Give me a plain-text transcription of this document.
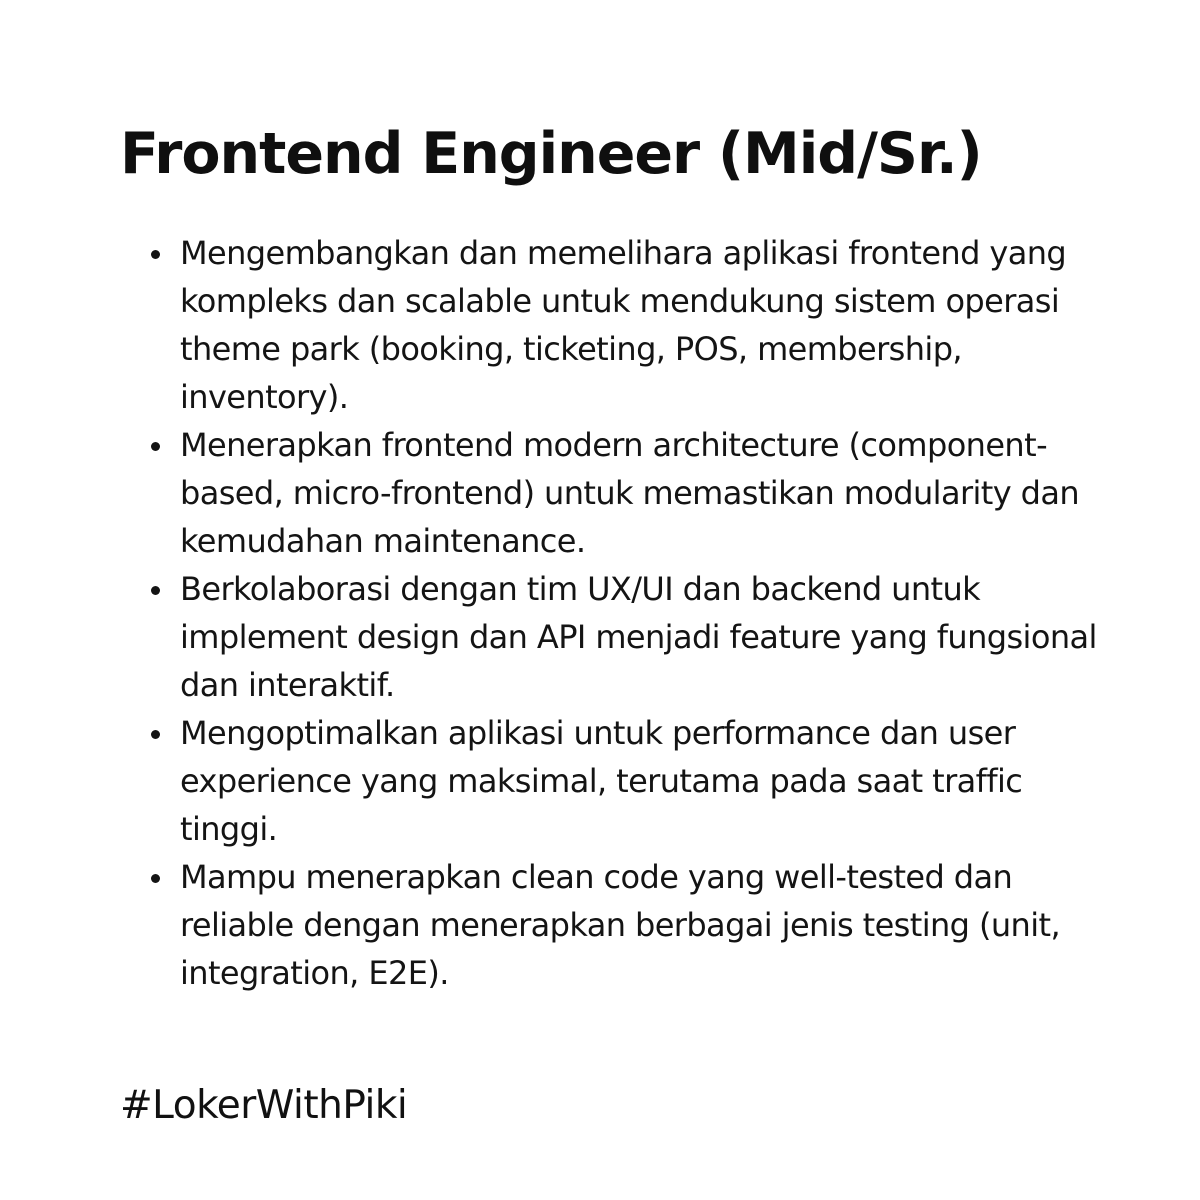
Frontend Engineer (Mid/Sr.)
Mengembangkan dan memelihara aplikasi frontend yang kompleks dan scalable untuk mendukung sistem operasi theme park (booking, ticketing, POS, membership, inventory).
Menerapkan frontend modern architecture (component-based, micro-frontend) untuk memastikan modularity dan kemudahan maintenance.
Berkolaborasi dengan tim UX/UI dan backend untuk implement design dan API menjadi feature yang fungsional dan interaktif.
Mengoptimalkan aplikasi untuk performance dan user experience yang maksimal, terutama pada saat traffic tinggi.
Mampu menerapkan clean code yang well-tested dan reliable dengan menerapkan berbagai jenis testing (unit, integration, E2E).

#LokerWithPiki
